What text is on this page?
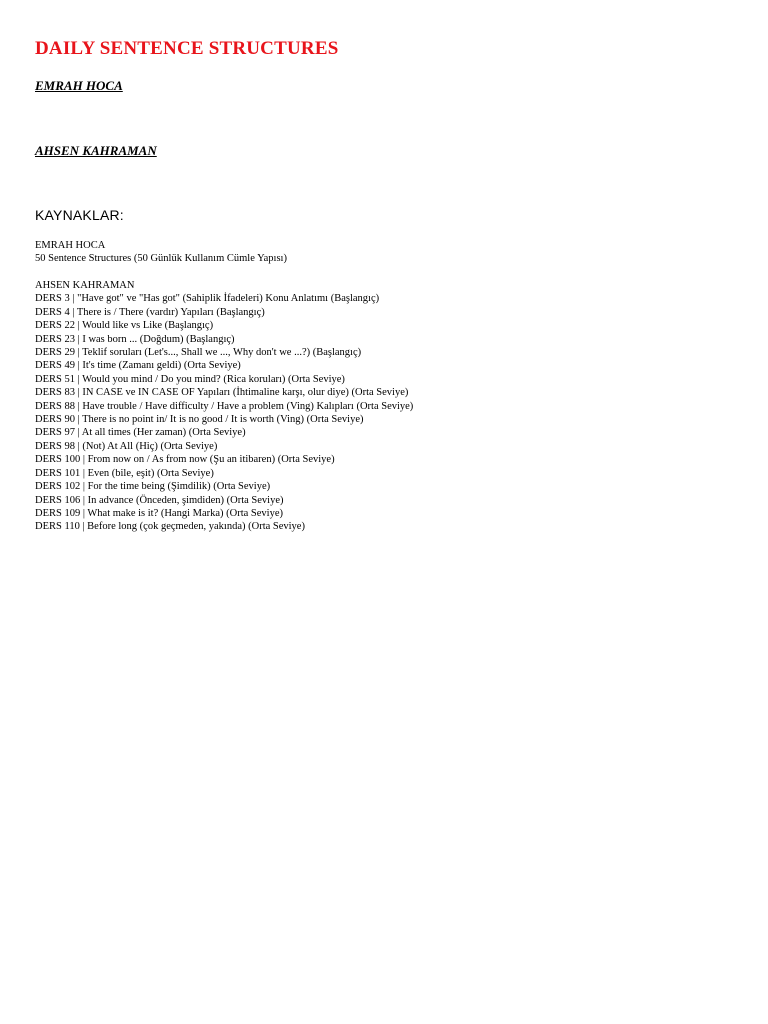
DAILY SENTENCE STRUCTURES

EMRAH HOCA

AHSEN KAHRAMAN

KAYNAKLAR:
EMRAH HOCA
50 Sentence Structures (50 Günlük Kullanım Cümle Yapısı)
AHSEN KAHRAMAN
DERS 3 | "Have got" ve "Has got" (Sahiplik İfadeleri) Konu Anlatımı (Başlangıç)
DERS 4 | There is / There (vardır) Yapıları (Başlangıç)
DERS 22 | Would like vs Like (Başlangıç)
DERS 23 | I was born ... (Doğdum) (Başlangıç)
DERS 29 | Teklif soruları (Let's..., Shall we ..., Why don't we ...?) (Başlangıç)
DERS 49 | It's time (Zamanı geldi) (Orta Seviye)
DERS 51 | Would you mind / Do you mind? (Rica koruları) (Orta Seviye)
DERS 83 | IN CASE ve IN CASE OF Yapıları (İhtimaline karşı, olur diye) (Orta Seviye)
DERS 88 | Have trouble / Have difficulty / Have a problem (Ving) Kalıpları (Orta Seviye)
DERS 90 | There is no point in/ It is no good / It is worth (Ving) (Orta Seviye)
DERS 97 | At all times (Her zaman) (Orta Seviye)
DERS 98 | (Not) At All (Hiç) (Orta Seviye)
DERS 100 | From now on / As from now (Şu an itibaren) (Orta Seviye)
DERS 101 | Even (bile, eşit) (Orta Seviye)
DERS 102 | For the time being (Şimdilik) (Orta Seviye)
DERS 106 | In advance (Önceden, şimdiden) (Orta Seviye)
DERS 109 | What make is it? (Hangi Marka) (Orta Seviye)
DERS 110 | Before long (çok geçmeden, yakında) (Orta Seviye)
